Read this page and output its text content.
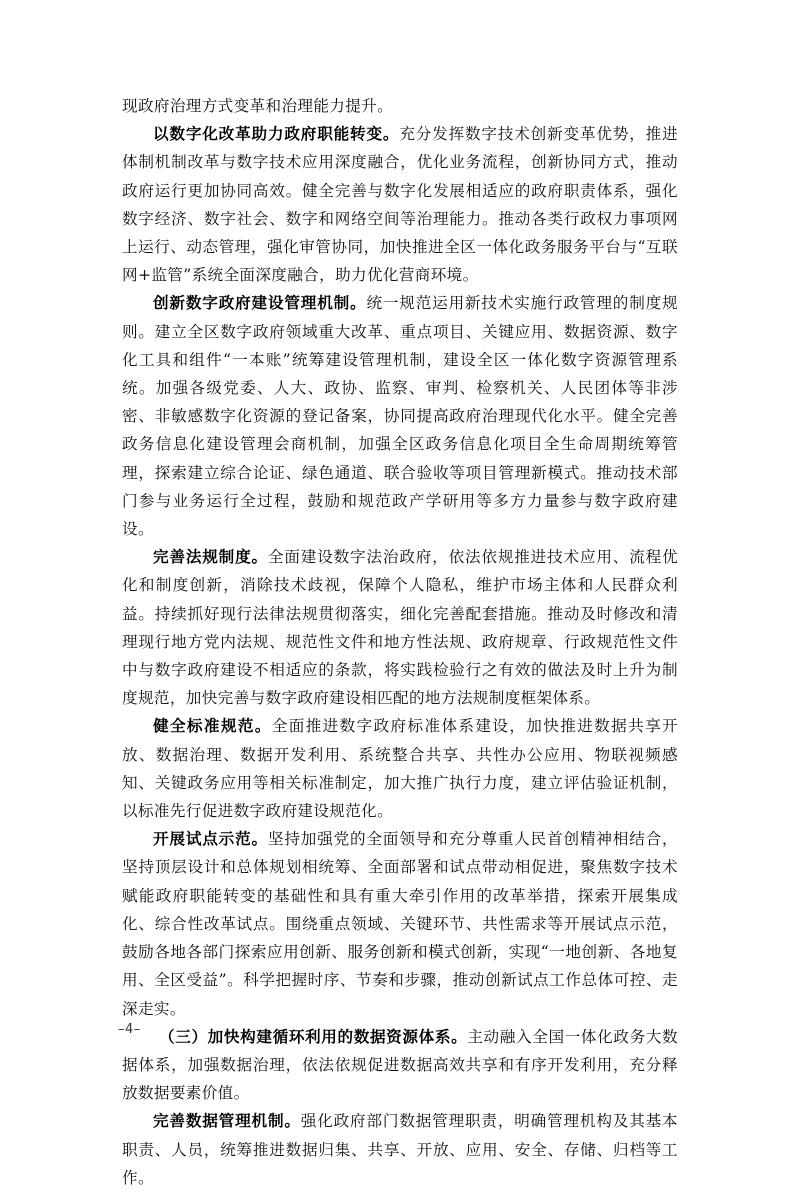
现政府治理方式变革和治理能力提升。

以数字化改革助力政府职能转变。充分发挥数字技术创新变革优势，推进体制机制改革与数字技术应用深度融合，优化业务流程，创新协同方式，推动政府运行更加协同高效。健全完善与数字化发展相适应的政府职责体系，强化数字经济、数字社会、数字和网络空间等治理能力。推动各类行政权力事项网上运行、动态管理，强化审管协同，加快推进全区一体化政务服务平台与“互联网+监管”系统全面深度融合，助力优化营商环境。

创新数字政府建设管理机制。统一规范运用新技术实施行政管理的制度规则。建立全区数字政府领域重大改革、重点项目、关键应用、数据资源、数字化工具和组件“一本账”统筹建设管理机制，建设全区一体化数字资源管理系统。加强各级党委、人大、政协、监察、审判、检察机关、人民团体等非涉密、非敏感数字化资源的登记备案，协同提高政府治理现代化水平。健全完善政务信息化建设管理会商机制，加强全区政务信息化项目全生命周期统筹管理，探索建立综合论证、绿色通道、联合验收等项目管理新模式。推动技术部门参与业务运行全过程，鼓励和规范政产学研用等多方力量参与数字政府建设。

完善法规制度。全面建设数字法治政府，依法依规推进技术应用、流程优化和制度创新，消除技术歧视，保障个人隐私，维护市场主体和人民群众利益。持续抓好现行法律法规贯彻落实，细化完善配套措施。推动及时修改和清理现行地方党内法规、规范性文件和地方性法规、政府规章、行政规范性文件中与数字政府建设不相适应的条款，将实践检验行之有效的做法及时上升为制度规范，加快完善与数字政府建设相匹配的地方法规制度框架体系。

健全标准规范。全面推进数字政府标准体系建设，加快推进数据共享开放、数据治理、数据开发利用、系统整合共享、共性办公应用、物联视频感知、关键政务应用等相关标准制定，加大推广执行力度，建立评估验证机制，以标准先行促进数字政府建设规范化。

开展试点示范。坚持加强党的全面领导和充分尊重人民首创精神相结合，坚持顶层设计和总体规划相统筹、全面部署和试点带动相促进，聚焦数字技术赋能政府职能转变的基础性和具有重大牵引作用的改革举措，探索开展集成化、综合性改革试点。围绕重点领域、关键环节、共性需求等开展试点示范，鼓励各地各部门探索应用创新、服务创新和模式创新，实现“一地创新、各地复用、全区受益”。科学把握时序、节奏和步骤，推动创新试点工作总体可控、走深走实。

（三）加快构建循环利用的数据资源体系。主动融入全国一体化政务大数据体系，加强数据治理，依法依规促进数据高效共享和有序开发利用，充分释放数据要素价值。

完善数据管理机制。强化政府部门数据管理职责，明确管理机构及其基本职责、人员，统筹推进数据归集、共享、开放、应用、安全、存储、归档等工作。

–4–
